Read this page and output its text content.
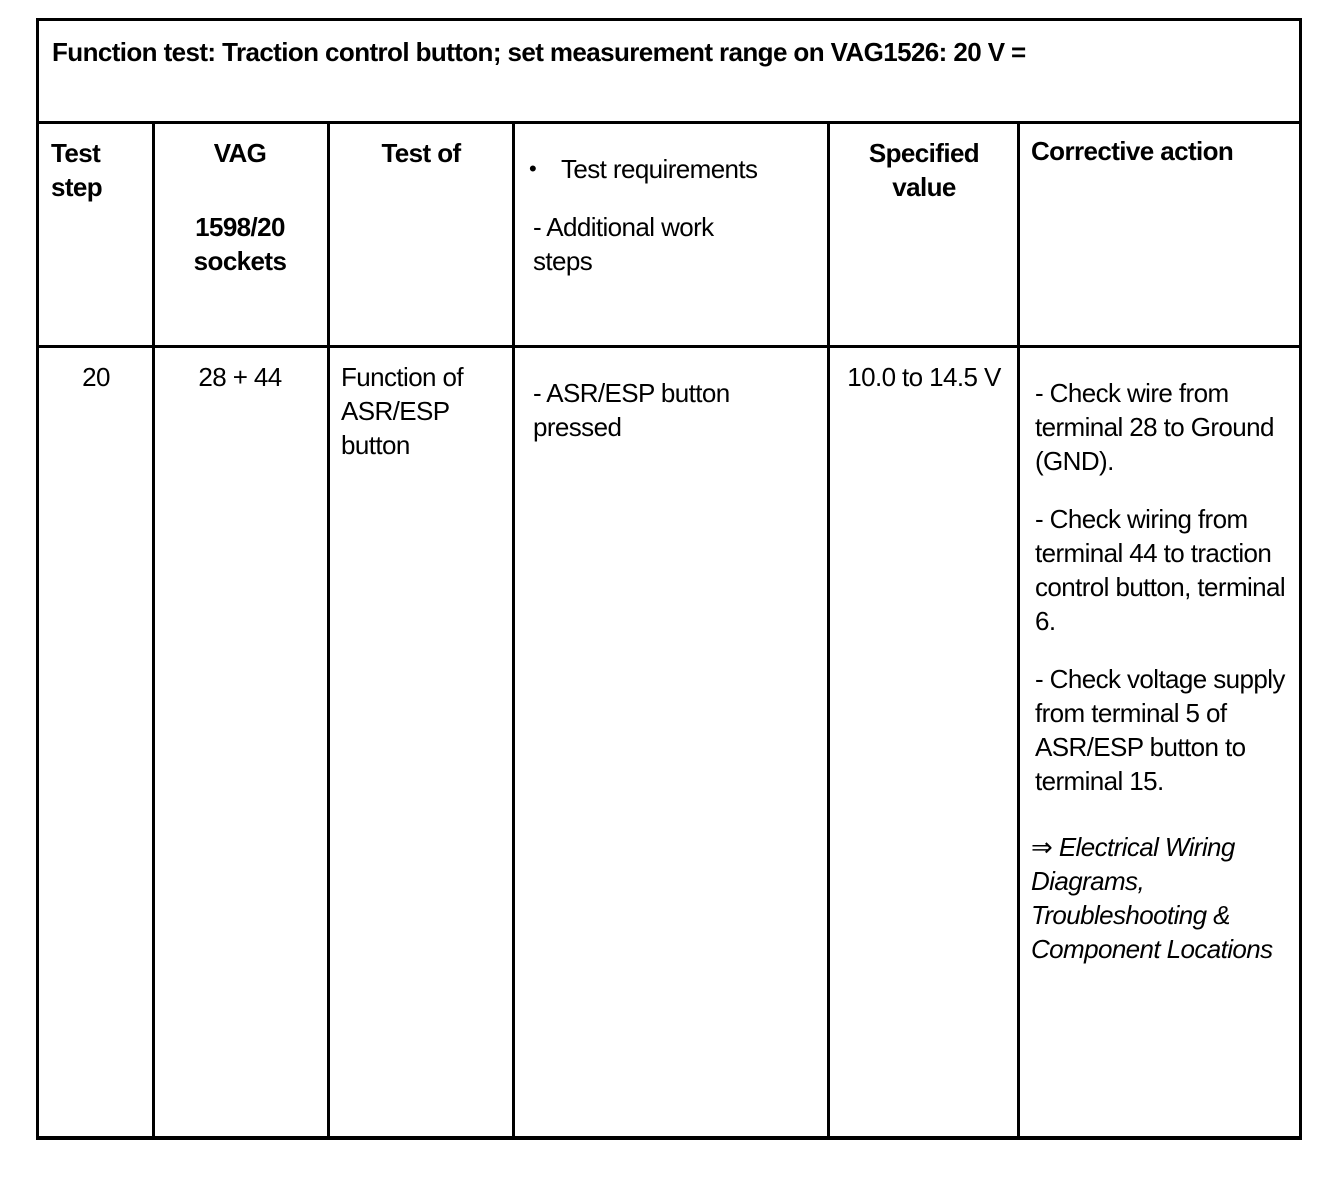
Function test: Traction control button; set measurement range on VAG1526: 20 V =
Test step
VAG
1598/20 sockets
Test of
• Test requirements
- Additional work steps
Specified value
Corrective action
20	28 + 44	Function of ASR/ESP button
- ASR/ESP button pressed
10.0 to 14.5 V
- Check wire from terminal 28 to Ground (GND).
- Check wiring from terminal 44 to traction control button, terminal 6.
- Check voltage supply from terminal 5 of ASR/ESP button to terminal 15.
⇒ Electrical Wiring Diagrams, Troubleshooting & Component Locations
